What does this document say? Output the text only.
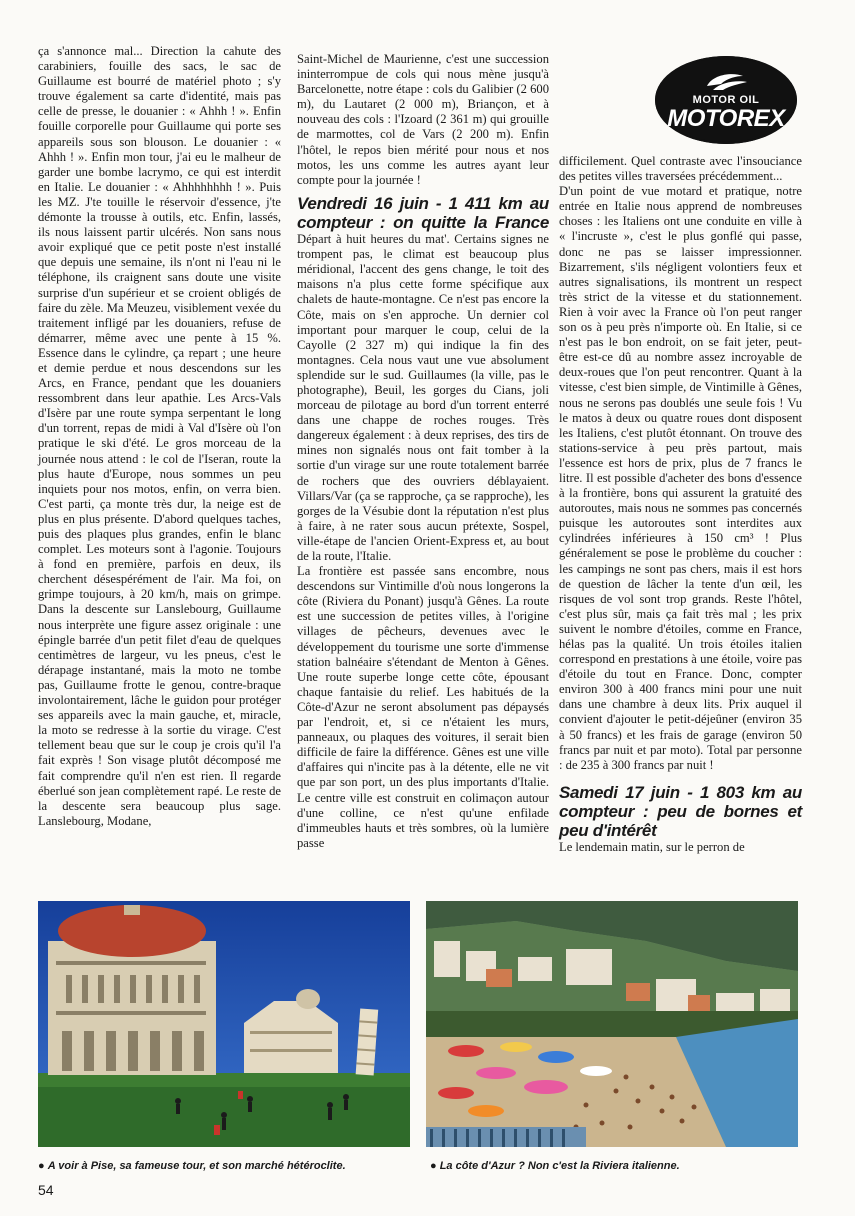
ça s'annonce mal... Direction la cahute des carabiniers, fouille des sacs, le sac de Guillaume est bourré de matériel photo ; s'y trouve également sa carte d'identité, mais pas celle de presse, le douanier : « Ahhh ! ». Enfin fouille corporelle pour Guillaume qui porte ses appareils sous son blouson. Le douanier : « Ahhh ! ». Enfin mon tour, j'ai eu le malheur de garder une bombe lacrymo, ce qui est interdit en Italie. Le douanier : « Ahhhhhhhh ! ». Puis les MZ. J'te touille le réservoir d'essence, j'te démonte la trousse à outils, etc. Enfin, lassés, ils nous laissent partir ulcérés. Non sans nous avoir expliqué que ce petit poste n'est installé que depuis une semaine, ils n'ont ni l'eau ni le téléphone, ils craignent sans doute une visite surprise d'un supérieur et se croient obligés de faire du zèle. Ma Meuzeu, visiblement vexée du traitement infligé par les douaniers, refuse de démarrer, même avec une pente à 15 %. Essence dans le cylindre, ça repart ; une heure et demie perdue et nous descendons sur les Arcs, en France, pendant que les douaniers ressombrent dans leur apathie. Les Arcs-Vals d'Isère par une route sympa serpentant le long d'un torrent, repas de midi à Val d'Isère où l'on pratique le ski d'été. Le gros morceau de la journée nous attend : le col de l'Iseran, route la plus haute d'Europe, nous sommes un peu inquiets pour nos motos, enfin, on verra bien. C'est parti, ça monte très dur, la neige est de plus en plus présente. D'abord quelques taches, puis des plaques plus grandes, enfin le blanc complet. Les moteurs sont à l'agonie. Toujours à fond en première, parfois en deux, ils cherchent désespérément de l'air. Ma foi, on grimpe toujours, à 20 km/h, mais on grimpe. Dans la descente sur Lanslebourg, Guillaume nous interprète une figure assez originale : une épingle barrée d'un petit filet d'eau de quelques centimètres de largeur, vu les pneus, c'est le dérapage instantané, mais la moto ne tombe pas, Guillaume frotte le genou, contre-braque involontairement, lâche le guidon pour protéger ses appareils avec la main gauche, et, miracle, la moto se redresse à la sortie du virage. C'est tellement beau que sur le coup je crois qu'il l'a fait exprès ! Son visage plutôt décomposé me fait comprendre qu'il n'en est rien. Il regarde éberlué son jean complètement rapé. Le reste de la descente sera beaucoup plus sage. Lanslebourg, Modane,

Saint-Michel de Maurienne, c'est une succession ininterrompue de cols qui nous mène jusqu'à Barcelonette, notre étape : cols du Galibier (2 600 m), du Lautaret (2 000 m), Briançon, et à nouveau des cols : l'Izoard (2 361 m) qui grouille de marmottes, col de Vars (2 200 m). Enfin l'hôtel, le repos bien mérité pour nous et nos motos, les uns comme les autres ayant leur compte pour la journée !

Vendredi 16 juin - 1 411 km au compteur : on quitte la France Départ à huit heures du mat'. Certains signes ne trompent pas, le climat est beaucoup plus méridional, l'accent des gens change, le toit des maisons n'a plus cette forme spécifique aux chalets de haute-montagne. Ce n'est pas encore la Côte, mais on s'en approche. Un dernier col important pour marquer le coup, celui de la Cayolle (2 327 m) qui indique la fin des montagnes. Cela nous vaut une vue absolument splendide sur le sud. Guillaumes (la ville, pas le photographe), Beuil, les gorges du Cians, joli morceau de pilotage au bord d'un torrent enterré dans une chappe de roches rouges. Très dangereux également : à deux reprises, des tirs de mines non signalés nous ont fait tomber à la sortie d'un virage sur une route totalement barrée de rochers que des ouvriers déblayaient. Villars/Var (ça se rapproche, ça se rapproche), les gorges de la Vésubie dont la réputation n'est plus à faire, à ne rater sous aucun prétexte, Sospel, ville-étape de l'ancien Orient-Express et, au bout de la route, l'Italie.

La frontière est passée sans encombre, nous descendons sur Vintimille d'où nous longerons la côte (Riviera du Ponant) jusqu'à Gênes. La route est une succession de petites villes, à l'origine villages de pêcheurs, devenues avec le développement du tourisme une sorte d'immense station balnéaire s'étendant de Menton à Gênes. Une route superbe longe cette côte, épousant chaque fantaisie du relief. Les habitués de la Côte-d'Azur ne seront absolument pas dépaysés par l'endroit, et, si ce n'étaient les murs, panneaux, ou plaques des voitures, il serait bien difficile de faire la différence. Gênes est une ville d'affaires qui n'incite pas à la détente, elle ne vit que par son port, un des plus importants d'Italie. Le centre ville est construit en colimaçon autour d'une colline, ce n'est qu'une enfilade d'immeubles hauts et très sombres, où la lumière passe

MOTOR OIL
MOTOREX

difficilement. Quel contraste avec l'insouciance des petites villes traversées précédemment...
D'un point de vue motard et pratique, notre entrée en Italie nous apprend de nombreuses choses : les Italiens ont une conduite en ville à « l'incruste », c'est le plus gonflé qui passe, donc ne pas se laisser impressionner. Bizarrement, s'ils négligent volontiers feux et autres signalisations, ils montrent un respect très strict de la vitesse et du stationnement. Rien à voir avec la France où l'on peut ranger son os à peu près n'importe où. En Italie, si ce n'est pas le bon endroit, on se fait jeter, peut-être est-ce dû au nombre assez incroyable de deux-roues que l'on peut rencontrer. Quant à la vitesse, c'est bien simple, de Vintimille à Gênes, nous ne serons pas doublés une seule fois ! Vu le matos à deux ou quatre roues dont disposent les Italiens, c'est plutôt étonnant. On trouve des stations-service à peu près partout, mais l'essence est hors de prix, plus de 7 francs le litre. Il est possible d'acheter des bons d'essence à la frontière, bons qui assurent la gratuité des autoroutes, mais nous ne sommes pas concernés puisque les autoroutes sont interdites aux cylindrées inférieures à 150 cm³ ! Plus généralement se pose le problème du coucher : les campings ne sont pas chers, mais il est hors de question de lâcher la tente d'un œil, les risques de vol sont trop grands. Reste l'hôtel, c'est plus sûr, mais ça fait très mal ; les prix suivent le nombre d'étoiles, comme en France, hélas pas la qualité. Un trois étoiles italien correspond en prestations à une étoile, voire pas d'étoile du tout en France. Donc, compter environ 300 à 400 francs mini pour une nuit dans une chambre à deux lits. Prix auquel il convient d'ajouter le petit-déjeûner (environ 35 à 50 francs) et les frais de garage (environ 50 francs par nuit et par moto). Total par personne : de 235 à 300 francs par nuit !

Samedi 17 juin - 1 803 km au compteur : peu de bornes et peu d'intérêt

Le lendemain matin, sur le perron de

● A voir à Pise, sa fameuse tour, et son marché hétéroclite.	● La côte d'Azur ? Non c'est la Riviera italienne.
54
